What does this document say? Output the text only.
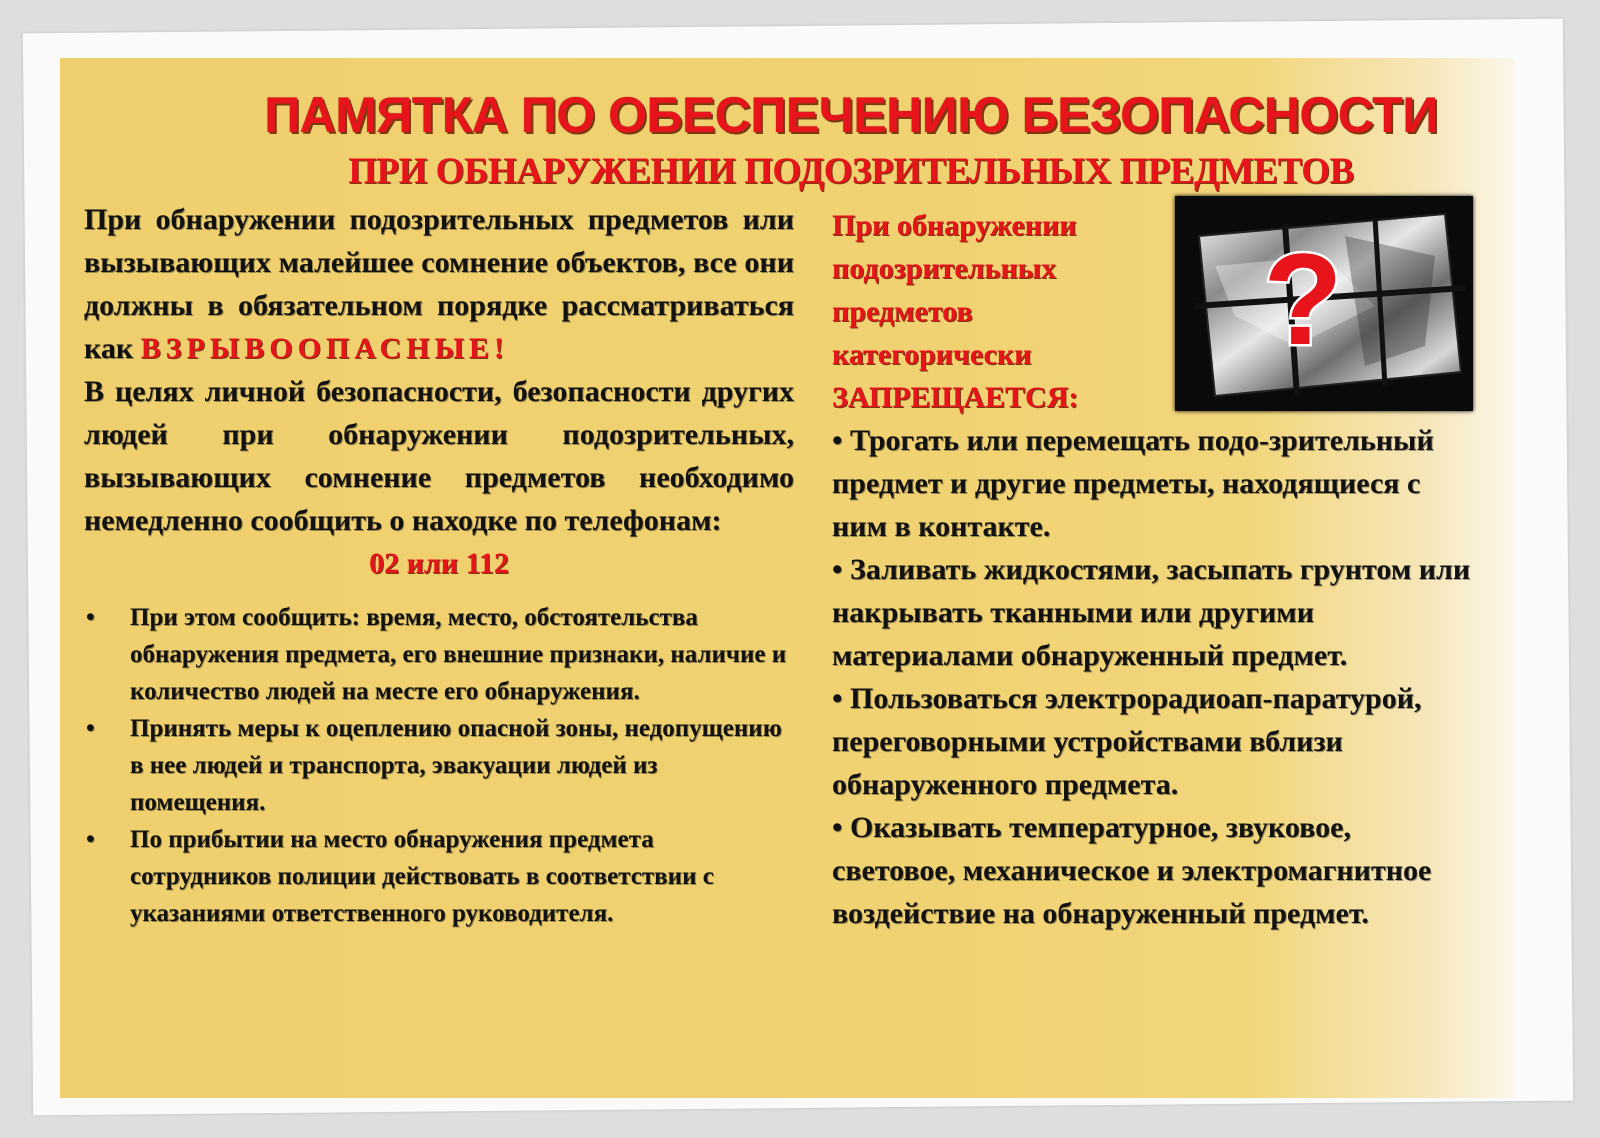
ПАМЯТКА ПО ОБЕСПЕЧЕНИЮ БЕЗОПАСНОСТИ
ПРИ ОБНАРУЖЕНИИ ПОДОЗРИТЕЛЬНЫХ ПРЕДМЕТОВ

При обнаружении подозрительных предметов или вызывающих малейшее сомнение объектов, все они должны в обязательном порядке рассматриваться как ВЗРЫВООПАСНЫЕ!

В целях личной безопасности, безопасности других людей при обнаружении подозрительных, вызывающих сомнение предметов необходимо немедленно сообщить о находке по телефонам:
02 или 112

• При этом сообщить: время, место, обстоятельства обнаружения предмета, его внешние признаки, наличие и количество людей на месте его обнаружения.
• Принять меры к оцеплению опасной зоны, недопущению в нее людей и транспорта, эвакуации людей из помещения.
• По прибытии на место обнаружения предмета сотрудников полиции действовать в соответствии с указаниями ответственного руководителя.
?
При обнаружении подозрительных предметов категорически
ЗАПРЕЩАЕТСЯ:
• Трогать или перемещать подо-зрительный предмет и другие предметы, находящиеся с ним в контакте.
• Заливать жидкостями, засыпать грунтом или накрывать тканными или другими материалами обнаруженный предмет.
• Пользоваться электрорадиоап-паратурой, переговорными устройствами вблизи обнаруженного предмета.
• Оказывать температурное, звуковое, световое, механическое и электромагнитное воздействие на обнаруженный предмет.
